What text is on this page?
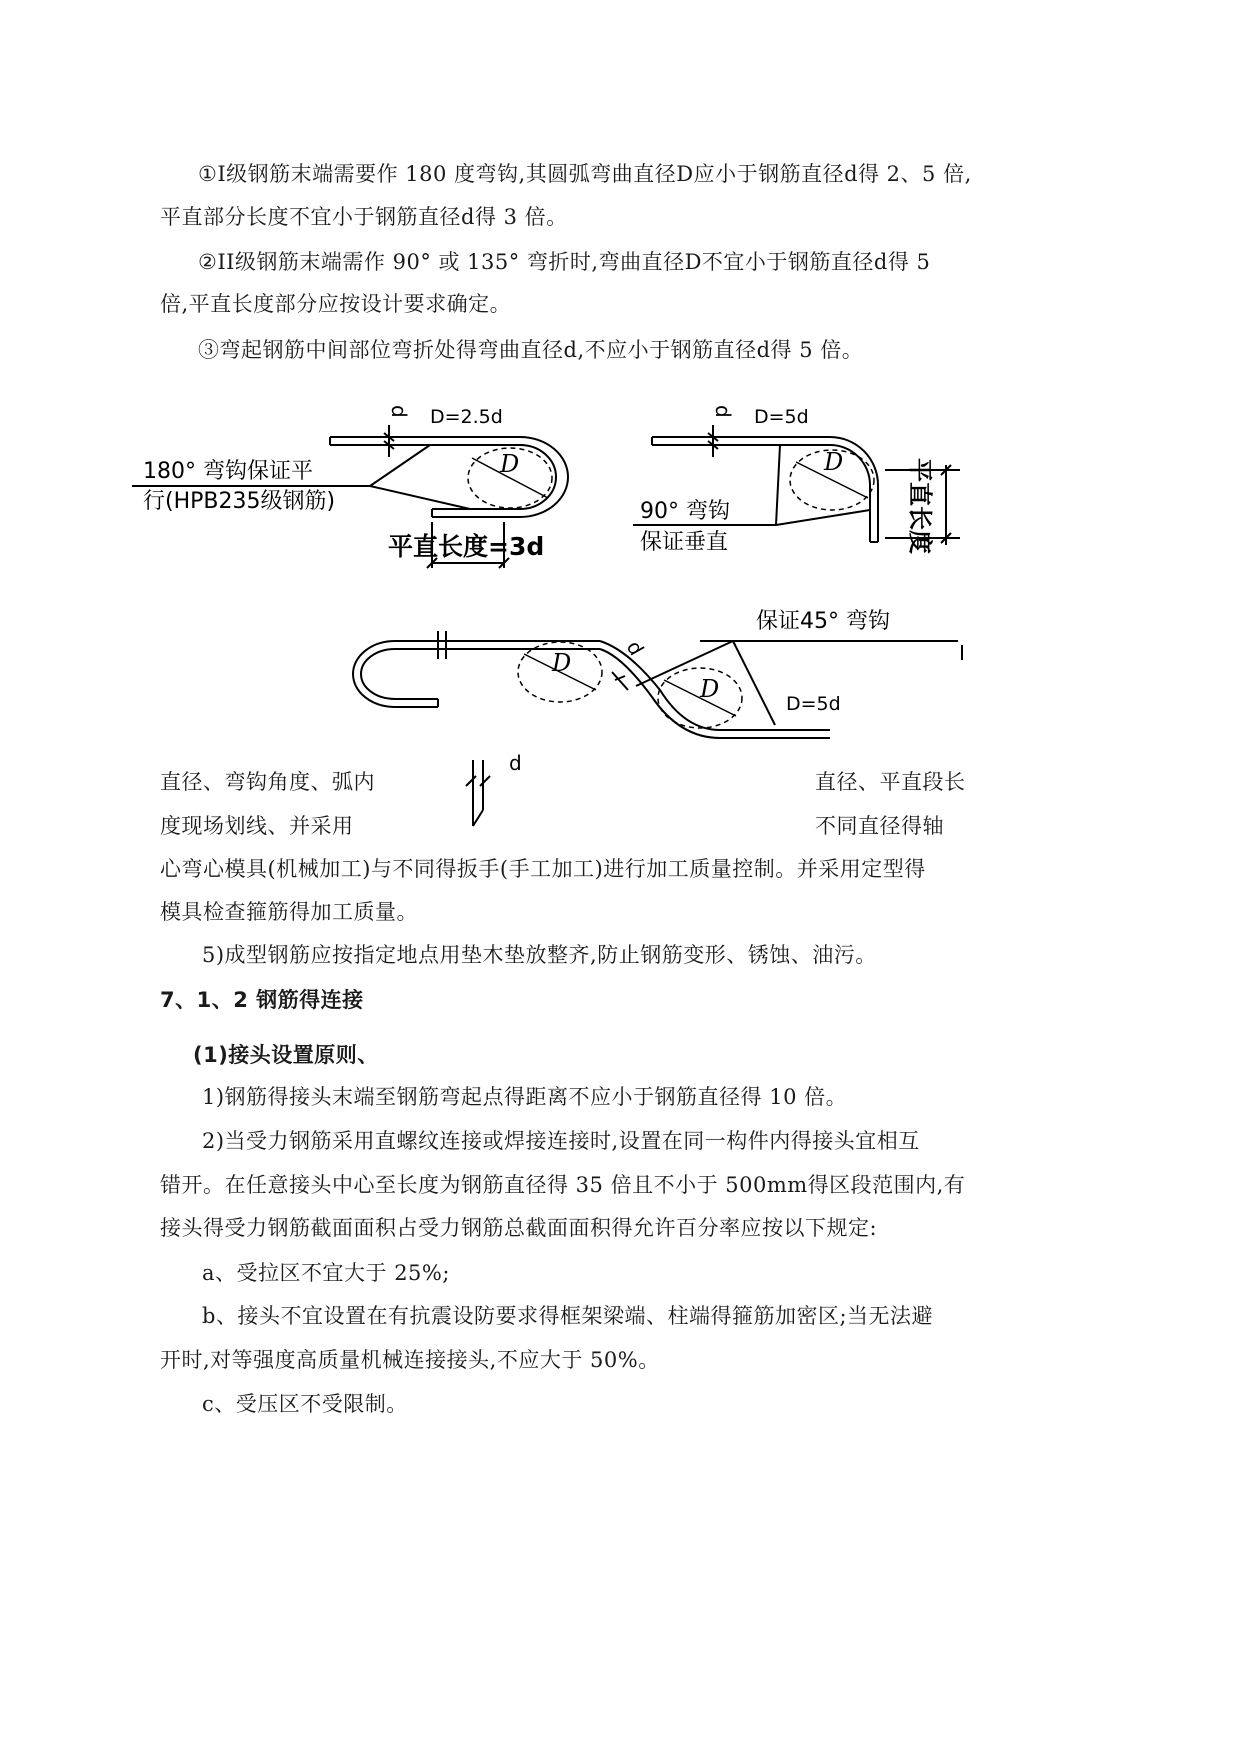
①I级钢筋末端需要作 180 度弯钩,其圆弧弯曲直径D应小于钢筋直径d得 2、5 倍,
平直部分长度不宜小于钢筋直径d得 3 倍。
②II级钢筋末端需作 90° 或 135° 弯折时,弯曲直径D不宜小于钢筋直径d得 5
倍,平直长度部分应按设计要求确定。
③弯起钢筋中间部位弯折处得弯曲直径d,不应小于钢筋直径d得 5 倍。
d D=2.5d
D
180° 弯钩保证平
行(HPB235级钢筋)
平直长度=3d
d D=5d
D
90° 弯钩
保证垂直	平直长度
保证45° 弯钩
d
D
D
D=5d
d
直径、弯钩角度、弧内	直径、平直段长
度现场划线、并采用	不同直径得轴
心弯心模具(机械加工)与不同得扳手(手工加工)进行加工质量控制。并采用定型得
模具检查箍筋得加工质量。
5)成型钢筋应按指定地点用垫木垫放整齐,防止钢筋变形、锈蚀、油污。
7、1、2 钢筋得连接
(1)接头设置原则、
1)钢筋得接头末端至钢筋弯起点得距离不应小于钢筋直径得 10 倍。
2)当受力钢筋采用直螺纹连接或焊接连接时,设置在同一构件内得接头宜相互
错开。在任意接头中心至长度为钢筋直径得 35 倍且不小于 500mm得区段范围内,有
接头得受力钢筋截面面积占受力钢筋总截面面积得允许百分率应按以下规定:
a、受拉区不宜大于 25%;
b、接头不宜设置在有抗震设防要求得框架梁端、柱端得箍筋加密区;当无法避
开时,对等强度高质量机械连接接头,不应大于 50%。
c、受压区不受限制。
